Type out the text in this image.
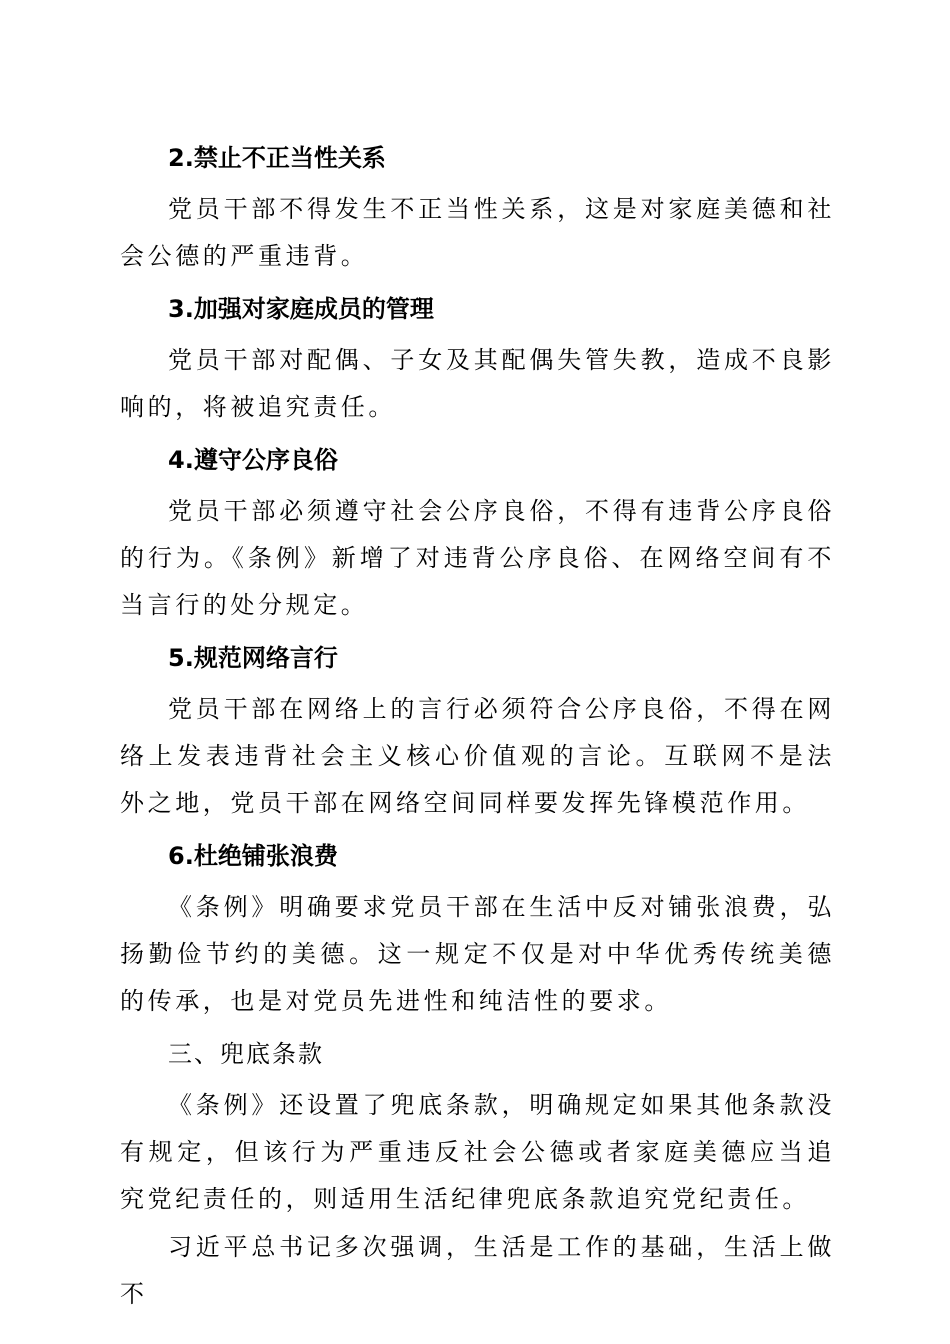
2.禁止不正当性关系

党员干部不得发生不正当性关系，这是对家庭美德和社会公德的严重违背。

3.加强对家庭成员的管理

党员干部对配偶、子女及其配偶失管失教，造成不良影响的，将被追究责任。

4.遵守公序良俗

党员干部必须遵守社会公序良俗，不得有违背公序良俗的行为。《条例》新增了对违背公序良俗、在网络空间有不当言行的处分规定。

5.规范网络言行

党员干部在网络上的言行必须符合公序良俗，不得在网络上发表违背社会主义核心价值观的言论。互联网不是法外之地，党员干部在网络空间同样要发挥先锋模范作用。

6.杜绝铺张浪费

《条例》明确要求党员干部在生活中反对铺张浪费，弘扬勤俭节约的美德。这一规定不仅是对中华优秀传统美德的传承，也是对党员先进性和纯洁性的要求。

三、兜底条款

《条例》还设置了兜底条款，明确规定如果其他条款没有规定，但该行为严重违反社会公德或者家庭美德应当追究党纪责任的，则适用生活纪律兜底条款追究党纪责任。

习近平总书记多次强调，生活是工作的基础，生活上做不
